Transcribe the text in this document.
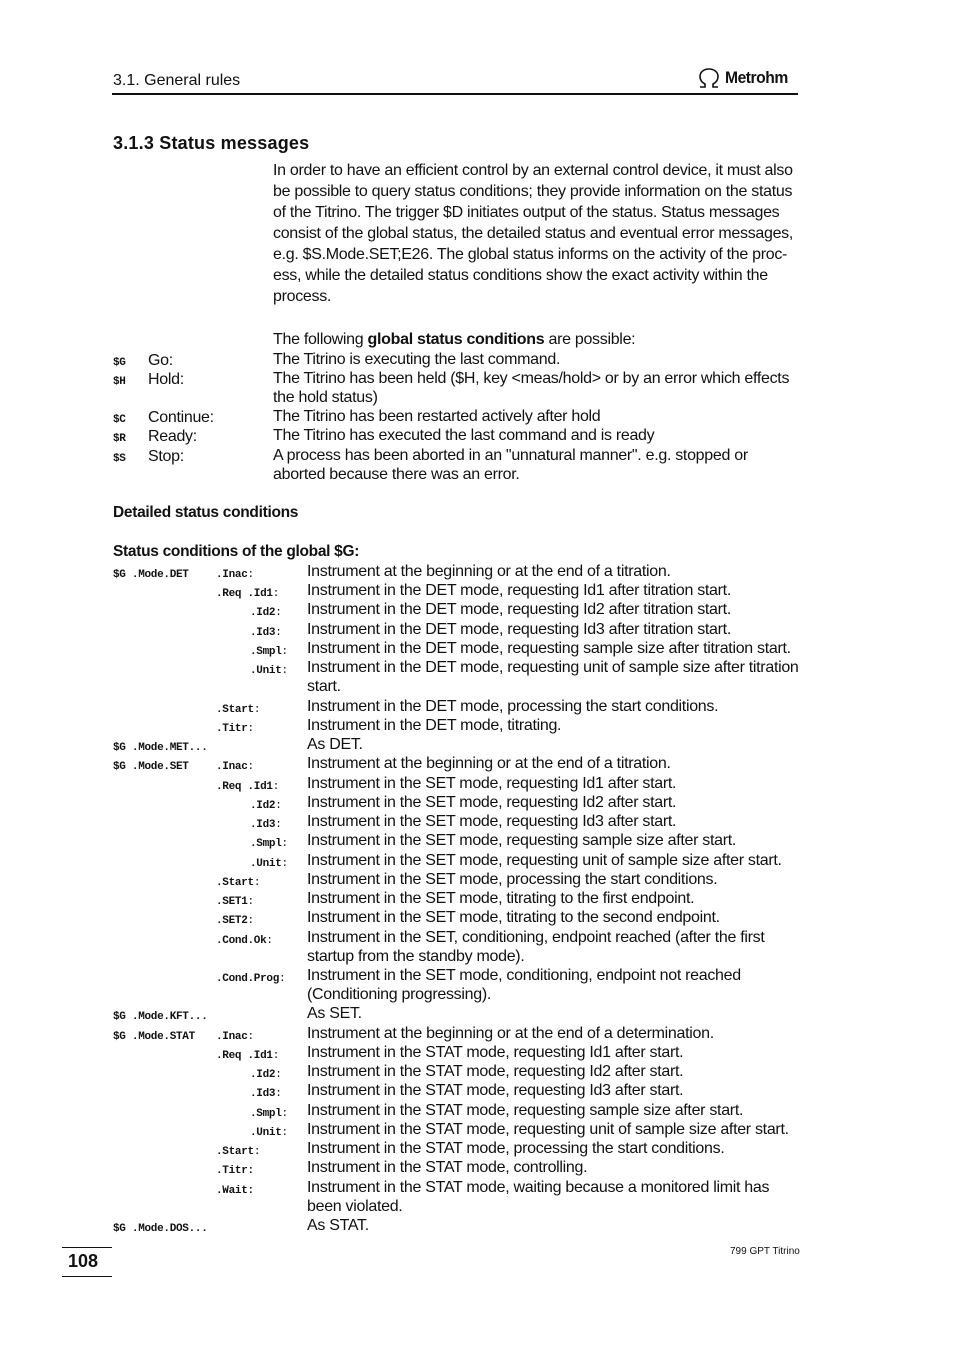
3.1. General rules	Metrohm
3.1.3 Status messages

In order to have an efficient control by an external control device, it must also be possible to query status conditions; they provide information on the status of the Titrino. The trigger $D initiates output of the status. Status messages consist of the global status, the detailed status and eventual error messages, e.g. $S.Mode.SET;E26. The global status informs on the activity of the proc-ess, while the detailed status conditions show the exact activity within the process.

The following global status conditions are possible:
$G Go:	The Titrino is executing the last command.
$H Hold:	The Titrino has been held ($H, key <meas/hold> or by an error which effects the hold status)
$C Continue:	The Titrino has been restarted actively after hold
$R Ready:	The Titrino has executed the last command and is ready
$S Stop:	A process has been aborted in an "unnatural manner". e.g. stopped or aborted because there was an error.
Detailed status conditions
Status conditions of the global $G:
$G .Mode.DET .Inac:	Instrument at the beginning or at the end of a titration.
.Req .Id1: Instrument in the DET mode, requesting Id1 after titration start.
.Id2: Instrument in the DET mode, requesting Id2 after titration start.
.Id3: Instrument in the DET mode, requesting Id3 after titration start.
.Smpl: Instrument in the DET mode, requesting sample size after titration start.
.Unit: Instrument in the DET mode, requesting unit of sample size after titration start.
.Start:	Instrument in the DET mode, processing the start conditions.
.Titr:	Instrument in the DET mode, titrating.
$G .Mode.MET...	As DET.
$G .Mode.SET .Inac:	Instrument at the beginning or at the end of a titration.
.Req .Id1: Instrument in the SET mode, requesting Id1 after start.
.Id2: Instrument in the SET mode, requesting Id2 after start.
.Id3: Instrument in the SET mode, requesting Id3 after start.
.Smpl: Instrument in the SET mode, requesting sample size after start.
.Unit: Instrument in the SET mode, requesting unit of sample size after start.
.Start:	Instrument in the SET mode, processing the start conditions.
.SET1:	Instrument in the SET mode, titrating to the first endpoint.
.SET2:	Instrument in the SET mode, titrating to the second endpoint.
.Cond.Ok: Instrument in the SET, conditioning, endpoint reached (after the first startup from the standby mode).
.Cond.Prog: Instrument in the SET mode, conditioning, endpoint not reached (Conditioning progressing).
$G .Mode.KFT...	As SET.
$G .Mode.STAT .Inac:	Instrument at the beginning or at the end of a determination.
.Req .Id1: Instrument in the STAT mode, requesting Id1 after start.
.Id2: Instrument in the STAT mode, requesting Id2 after start.
.Id3: Instrument in the STAT mode, requesting Id3 after start.
.Smpl: Instrument in the STAT mode, requesting sample size after start.
.Unit: Instrument in the STAT mode, requesting unit of sample size after start.
.Start:	Instrument in the STAT mode, processing the start conditions.
.Titr:	Instrument in the STAT mode, controlling.
.Wait:	Instrument in the STAT mode, waiting because a monitored limit has been violated.
$G .Mode.DOS...	As STAT.
108	799 GPT Titrino
